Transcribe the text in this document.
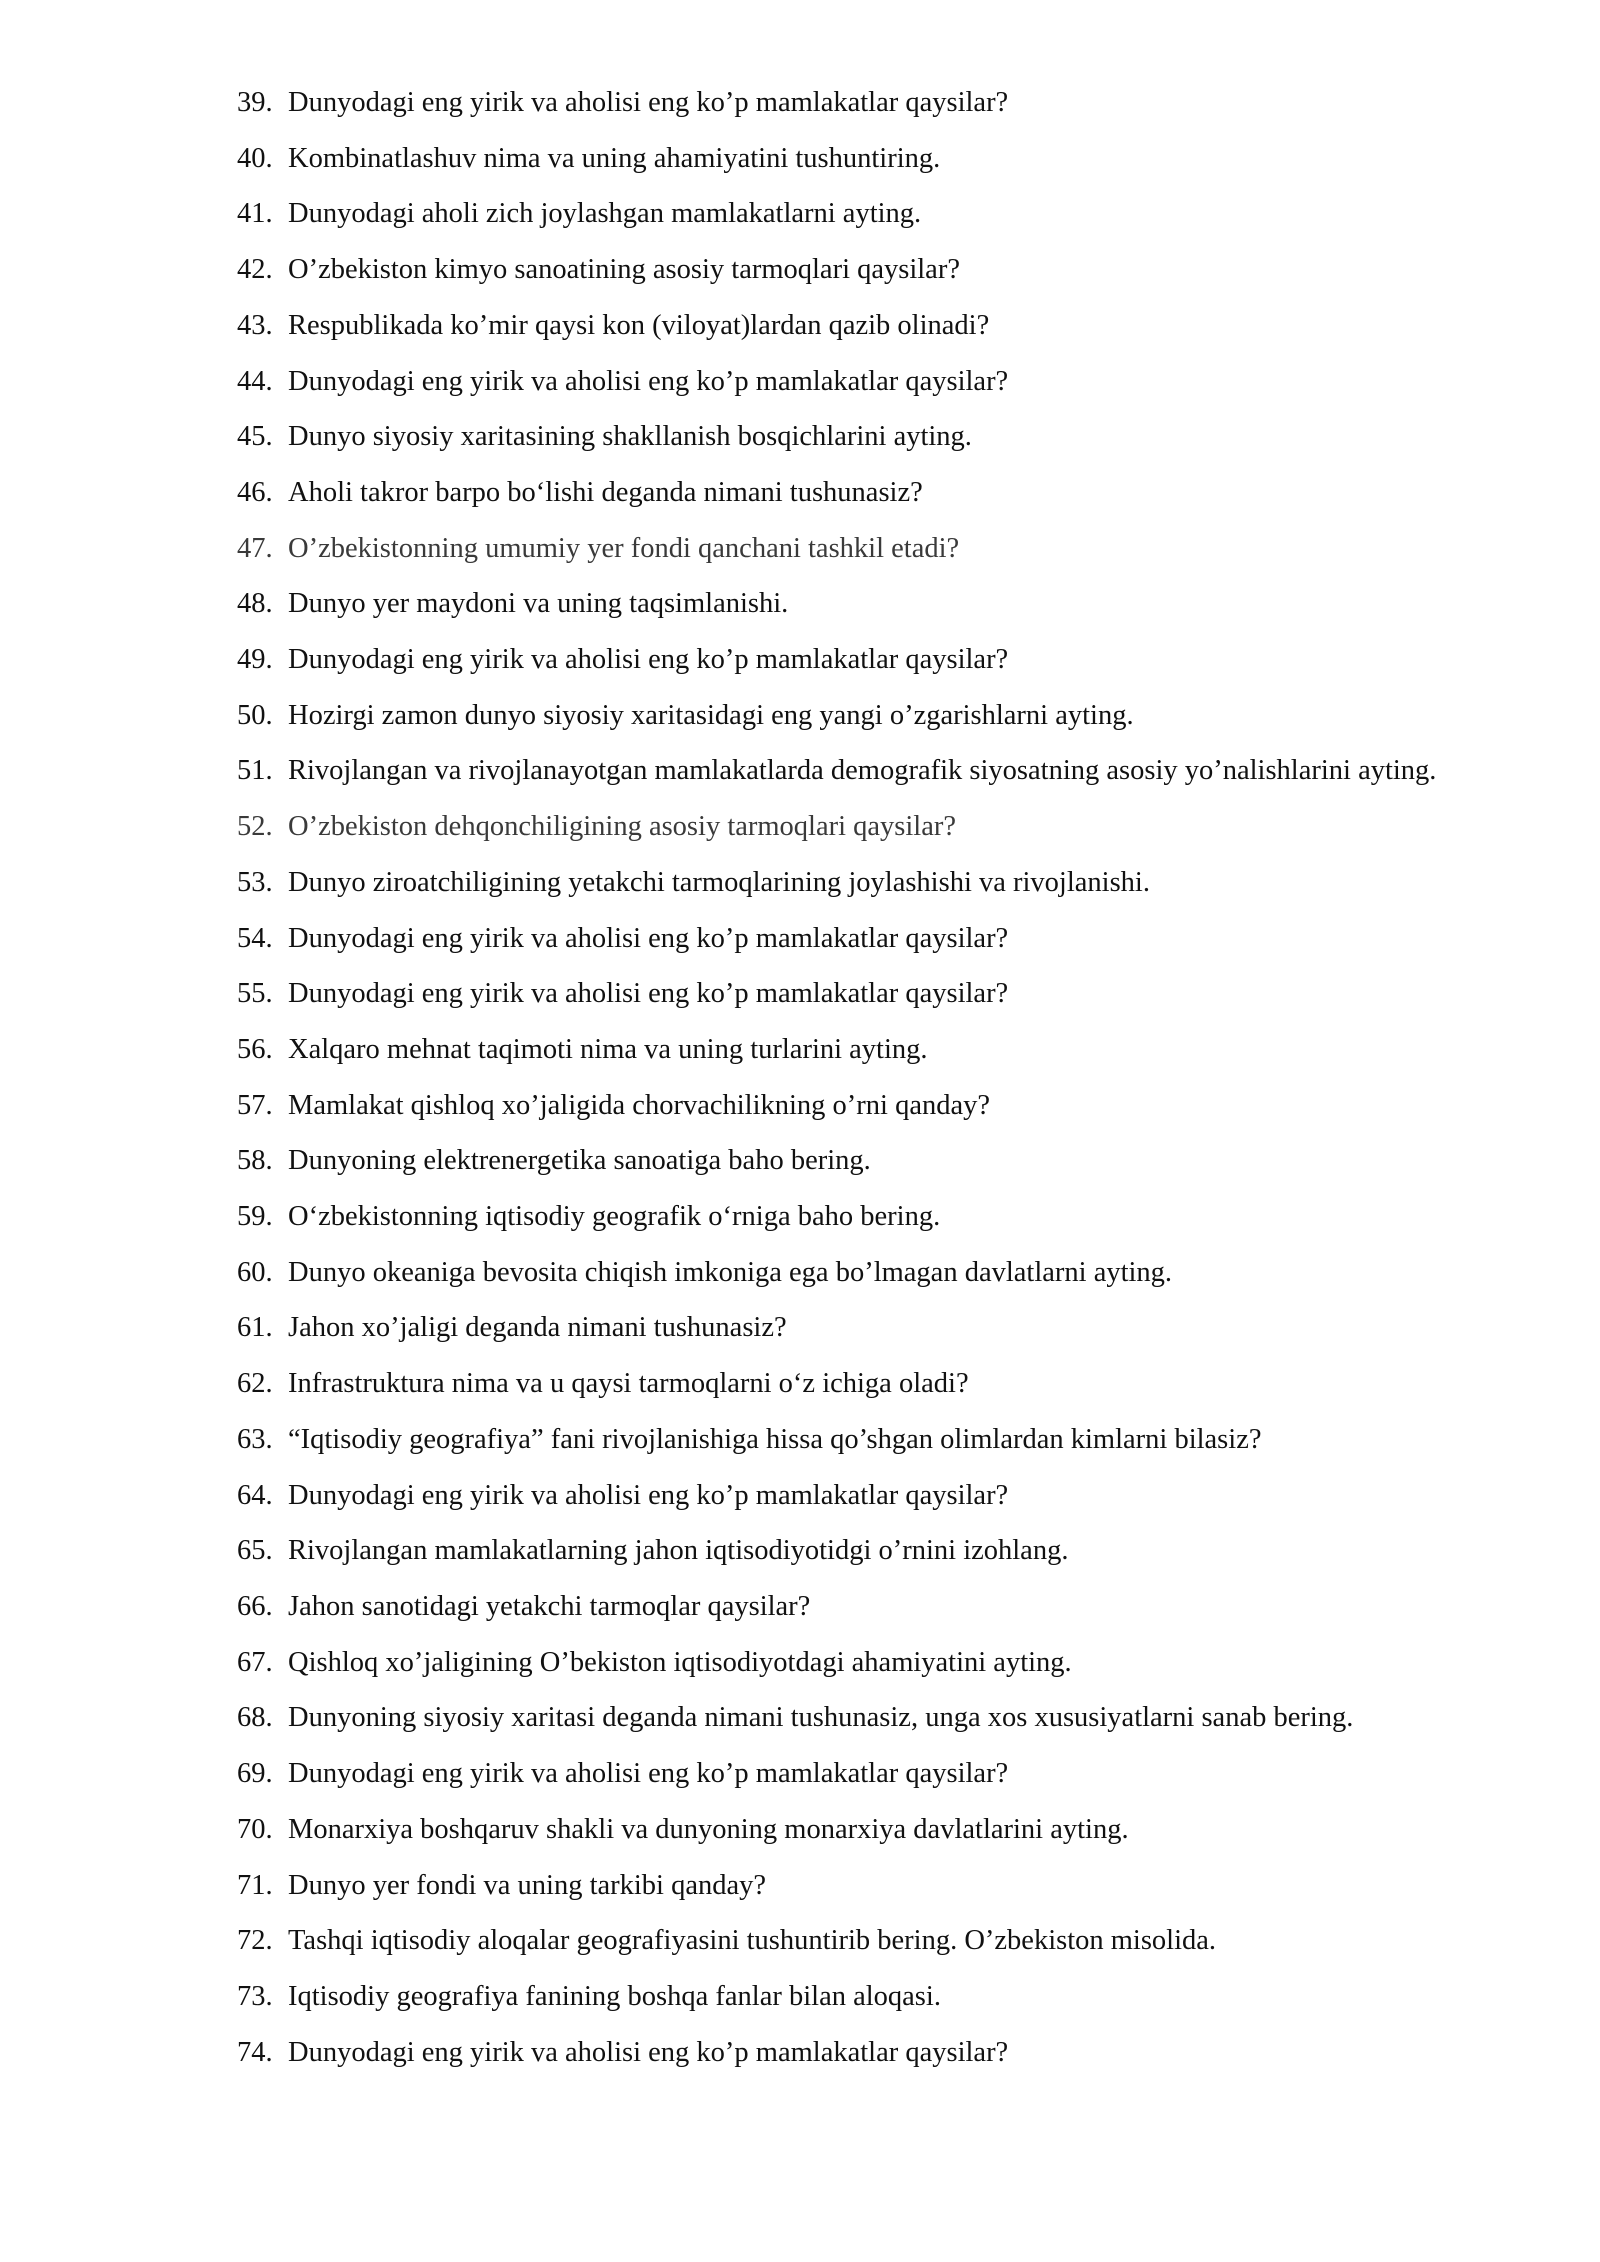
39. Dunyodagi eng yirik va aholisi eng ko’p mamlakatlar qaysilar?
40. Kombinatlashuv nima va uning ahamiyatini tushuntiring.
41. Dunyodagi aholi zich joylashgan mamlakatlarni ayting.
42. O’zbekiston kimyo sanoatining asosiy tarmoqlari qaysilar?
43. Respublikada ko’mir qaysi kon (viloyat)lardan qazib olinadi?
44. Dunyodagi eng yirik va aholisi eng ko’p mamlakatlar qaysilar?
45. Dunyo siyosiy xaritasining shakllanish bosqichlarini ayting.
46. Aholi takror barpo bo‘lishi deganda nimani tushunasiz?
47. O’zbekistonning umumiy yer fondi qanchani tashkil etadi?
48. Dunyo yer maydoni va uning taqsimlanishi.
49. Dunyodagi eng yirik va aholisi eng ko’p mamlakatlar qaysilar?
50. Hozirgi zamon dunyo siyosiy xaritasidagi eng yangi o’zgarishlarni ayting.
51. Rivojlangan va rivojlanayotgan mamlakatlarda demografik siyosatning asosiy yo’nalishlarini ayting.
52. O’zbekiston dehqonchiligining asosiy tarmoqlari qaysilar?
53. Dunyo ziroatchiligining yetakchi tarmoqlarining joylashishi va rivojlanishi.
54. Dunyodagi eng yirik va aholisi eng ko’p mamlakatlar qaysilar?
55. Dunyodagi eng yirik va aholisi eng ko’p mamlakatlar qaysilar?
56. Xalqaro mehnat taqimoti nima va uning turlarini ayting.
57. Mamlakat qishloq xo’jaligida chorvachilikning o’rni qanday?
58. Dunyoning elektrenergetika sanoatiga baho bering.
59. O‘zbekistonning iqtisodiy geografik o‘rniga baho bering.
60. Dunyo okeaniga bevosita chiqish imkoniga ega bo’lmagan davlatlarni ayting.
61. Jahon xo’jaligi deganda nimani tushunasiz?
62. Infrastruktura nima va u qaysi tarmoqlarni o‘z ichiga oladi?
63. “Iqtisodiy geografiya” fani rivojlanishiga hissa qo’shgan olimlardan kimlarni bilasiz?
64. Dunyodagi eng yirik va aholisi eng ko’p mamlakatlar qaysilar?
65. Rivojlangan mamlakatlarning jahon iqtisodiyotidgi o’rnini izohlang.
66. Jahon sanotidagi yetakchi tarmoqlar qaysilar?
67. Qishloq xo’jaligining O’bekiston iqtisodiyotdagi ahamiyatini ayting.
68. Dunyoning siyosiy xaritasi deganda nimani tushunasiz, unga xos xususiyatlarni sanab bering.
69. Dunyodagi eng yirik va aholisi eng ko’p mamlakatlar qaysilar?
70. Monarxiya boshqaruv shakli va dunyoning monarxiya davlatlarini ayting.
71. Dunyo yer fondi va uning tarkibi qanday?
72. Tashqi iqtisodiy aloqalar geografiyasini tushuntirib bering. O’zbekiston misolida.
73. Iqtisodiy geografiya fanining boshqa fanlar bilan aloqasi.
74. Dunyodagi eng yirik va aholisi eng ko’p mamlakatlar qaysilar?
